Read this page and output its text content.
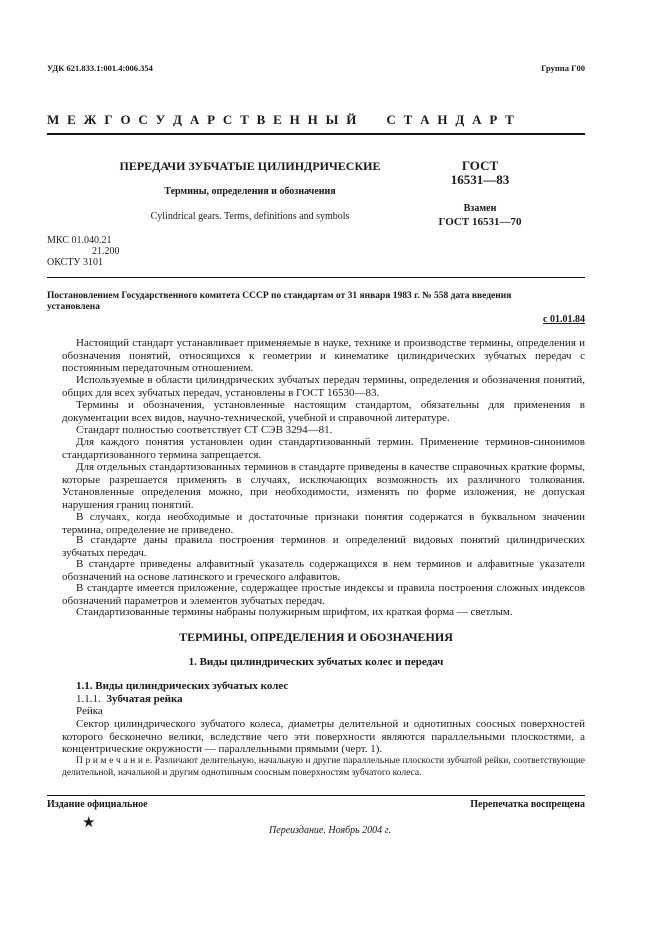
УДК 621.833.1:001.4:006.354	Группа Г00
М Е Ж Г О С У Д А Р С Т В Е Н Н Ы Й     С Т А Н Д А Р Т
ПЕРЕДАЧИ ЗУБЧАТЫЕ ЦИЛИНДРИЧЕСКИЕ
Термины, определения и обозначения
Cylindrical gears. Terms, definitions and symbols
ГОСТ
16531—83
Взамен
ГОСТ 16531—70
МКС 01.040.21
21.200
ОКСТУ 3101
Постановлением Государственного комитета СССР по стандартам от 31 января 1983 г. № 558 дата введения
установлена
с 01.01.84
Настоящий стандарт устанавливает применяемые в науке, технике и производстве термины, определения и обозначения понятий, относящихся к геометрии и кинематике цилиндрических зубчатых передач с постоянным передаточным отношением.
Используемые в области цилиндрических зубчатых передач термины, определения и обозначения понятий, общих для всех зубчатых передач, установлены в ГОСТ 16530—83.
Термины и обозначения, установленные настоящим стандартом, обязательны для применения в документации всех видов, научно-технической, учебной и справочной литературе.
Стандарт полностью соответствует СТ СЭВ 3294—81.
Для каждого понятия установлен один стандартизованный термин. Применение терминов-синонимов стандартизованного термина запрещается.
Для отдельных стандартизованных терминов в стандарте приведены в качестве справочных краткие формы, которые разрешается применять в случаях, исключающих возможность их различного толкования. Установленные определения можно, при необходимости, изменять по форме изложения, не допуская нарушения границ понятий.
В случаях, когда необходимые и достаточные признаки понятия содержатся в буквальном значении термина, определение не приведено.
В стандарте даны правила построения терминов и определений видовых понятий цилиндрических зубчатых передач.
В стандарте приведены алфавитный указатель содержащихся в нем терминов и алфавитные указатели обозначений на основе латинского и греческого алфавитов.
В стандарте имеется приложение, содержащее простые индексы и правила построения сложных индексов обозначений параметров и элементов зубчатых передач.
Стандартизованные термины набраны полужирным шрифтом, их краткая форма — светлым.
ТЕРМИНЫ, ОПРЕДЕЛЕНИЯ И ОБОЗНАЧЕНИЯ
1. Виды цилиндрических зубчатых колес и передач
1.1. Виды цилиндрических зубчатых колес
1.1.1. Зубчатая рейка
Рейка
Сектор цилиндрического зубчатого колеса, диаметры делительной и однотипных соосных поверхностей которого бесконечно велики, вследствие чего эти поверхности являются параллельными плоскостями, а концентрические окружности — параллельными прямыми (черт. 1).
П р и м е ч а н и е. Различают делительную, начальную и другие параллельные плоскости зубчатой рейки, соответствующие делительной, начальной и другим однотипным соосным поверхностям зубчатого колеса.
Издание официальное	Перепечатка воспрещена
★	Переиздание. Ноябрь 2004 г.
